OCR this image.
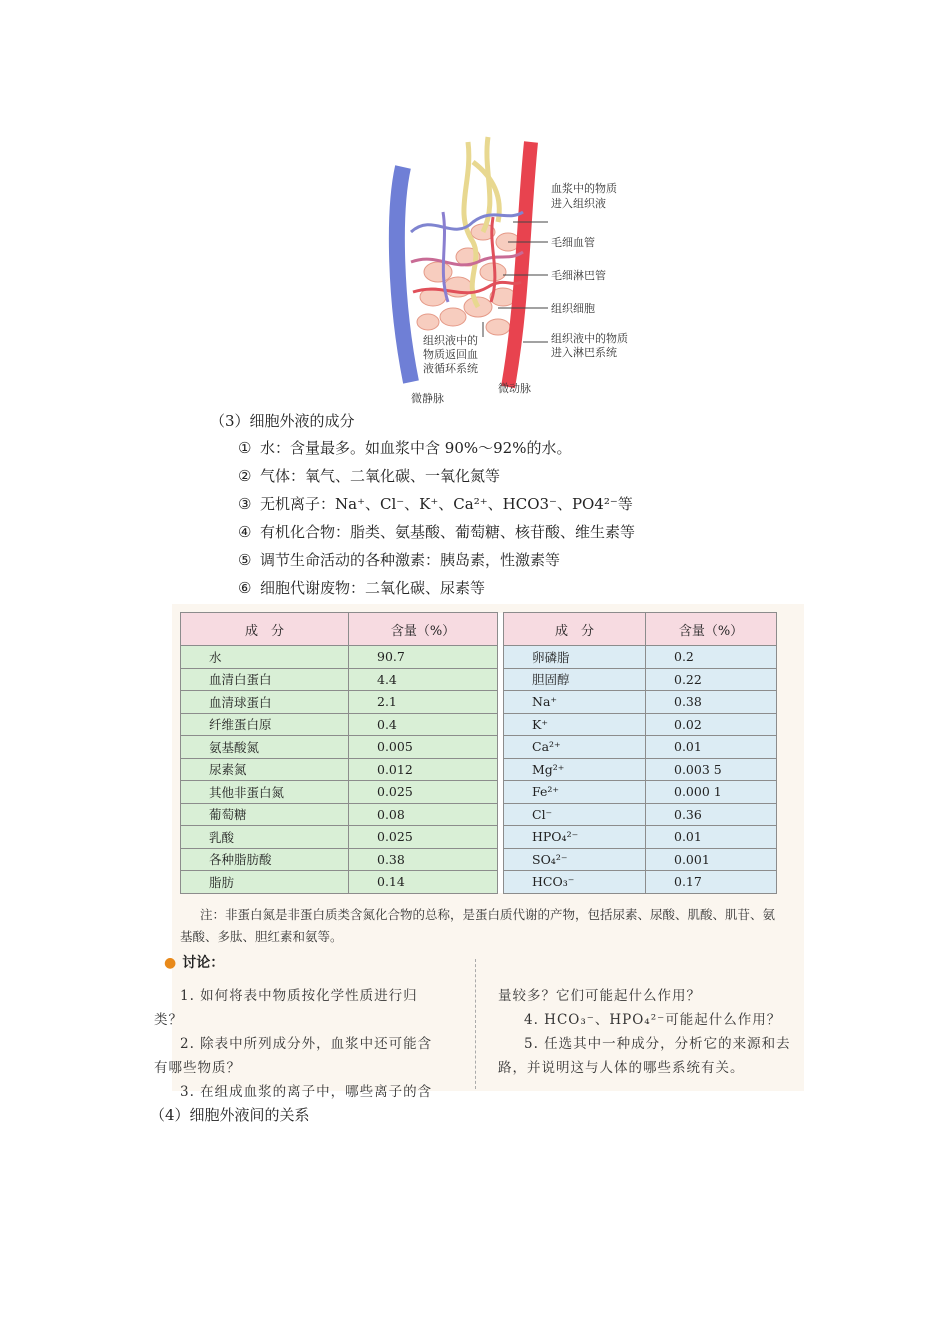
血浆中的物质
进入组织液
毛细血管
毛细淋巴管
组织细胞
组织液中的物质
进入淋巴系统
组织液中的
物质返回血
液循环系统
微静脉
微动脉
（3）细胞外液的成分
① 水：含量最多。如血浆中含 90%～92%的水。
② 气体：氧气、二氧化碳、一氧化氮等
③ 无机离子：Na⁺、Cl⁻、K⁺、Ca²⁺、HCO3⁻、PO4²⁻等
④ 有机化合物：脂类、氨基酸、葡萄糖、核苷酸、维生素等
⑤ 调节生命活动的各种激素：胰岛素，性激素等
⑥ 细胞代谢废物：二氧化碳、尿素等
成　分	含量（%）		成　分	含量（%）
水	90.7		卵磷脂	0.2
血清白蛋白	4.4		胆固醇	0.22
血清球蛋白	2.1		Na⁺	0.38
纤维蛋白原	0.4		K⁺	0.02
氨基酸氮	0.005		Ca²⁺	0.01
尿素氮	0.012		Mg²⁺	0.003 5
其他非蛋白氮	0.025		Fe²⁺	0.000 1
葡萄糖	0.08		Cl⁻	0.36
乳酸	0.025		HPO₄²⁻	0.01
各种脂肪酸	0.38		SO₄²⁻	0.001
脂肪	0.14		HCO₃⁻	0.17
注：非蛋白氮是非蛋白质类含氮化合物的总称，是蛋白质代谢的产物，包括尿素、尿酸、肌酸、肌苷、氨基酸、多肽、胆红素和氨等。
● 讨论：
1. 如何将表中物质按化学性质进行归类？
2. 除表中所列成分外，血浆中还可能含有哪些物质？
3. 在组成血浆的离子中，哪些离子的含
量较多？它们可能起什么作用？
4. HCO₃⁻、HPO₄²⁻可能起什么作用？
5. 任选其中一种成分，分析它的来源和去路，并说明这与人体的哪些系统有关。
（4）细胞外液间的关系
